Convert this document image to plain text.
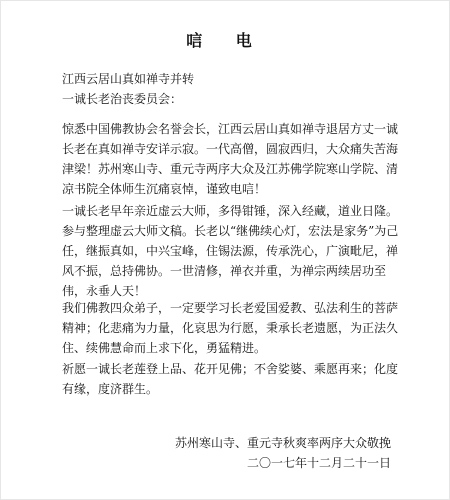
唁 电
江西云居山真如禅寺并转
一诚长老治丧委员会：
惊悉中国佛教协会名誉会长，江西云居山真如禅寺退居方丈一诚长老在真如禅寺安详示寂。一代高僧，圆寂西归，大众痛失苦海津梁！苏州寒山寺、重元寺两序大众及江苏佛学院寒山学院、清凉书院全体师生沉痛哀悼，谨致电唁！
一诚长老早年亲近虚云大师，多得钳锤，深入经藏，道业日隆。参与整理虚云大师文稿。长老以“继佛续心灯，宏法是家务”为己任，继振真如，中兴宝峰，住锡法源，传承洗心，广演毗尼，禅风不振，总持佛协。一世清修，禅衣并重，为禅宗两续居功至伟，永垂人天！
我们佛教四众弟子，一定要学习长老爱国爱教、弘法利生的菩萨精神；化悲痛为力量，化哀思为行愿，秉承长老遗愿，为正法久住、续佛慧命而上求下化，勇猛精进。
祈愿一诚长老莲登上品、花开见佛；不舍娑婆、乘愿再来；化度有缘，度济群生。
苏州寒山寺、重元寺秋爽率两序大众敬挽
二〇一七年十二月二十一日
